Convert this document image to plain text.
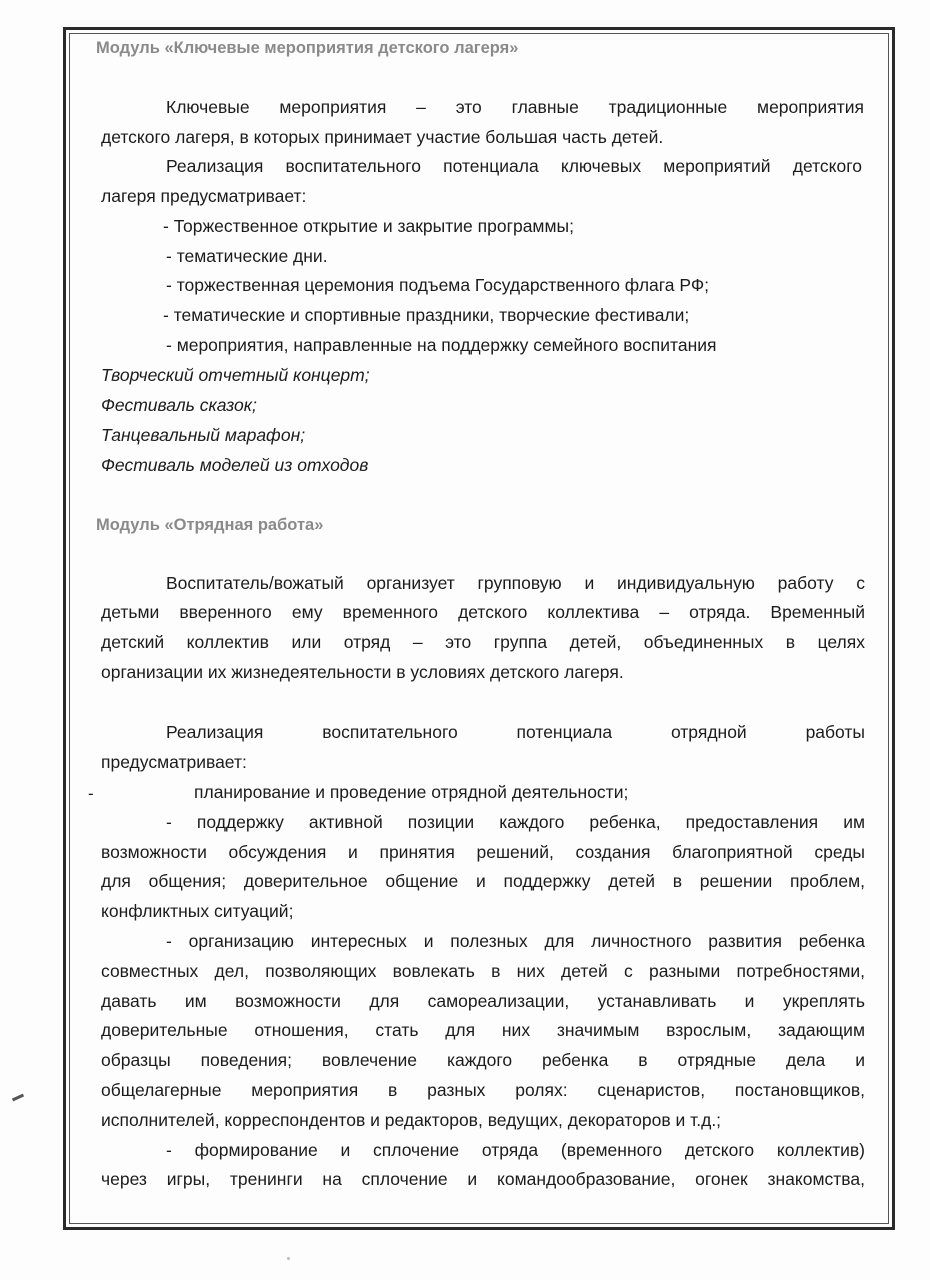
Модуль «Ключевые мероприятия детского лагеря»
Ключевые мероприятия – это главные традиционные мероприятия
детского лагеря, в которых принимает участие большая часть детей.
Реализация воспитательного потенциала ключевых мероприятий детского
лагеря предусматривает:
- Торжественное открытие и закрытие программы;
- тематические дни.
- торжественная церемония подъема Государственного флага РФ;
- тематические и спортивные праздники, творческие фестивали;
- мероприятия, направленные на поддержку семейного воспитания
Творческий отчетный концерт;
Фестиваль сказок;
Танцевальный марафон;
Фестиваль моделей из отходов
Модуль «Отрядная работа»
Воспитатель/вожатый организует групповую и индивидуальную работу с
детьми вверенного ему временного детского коллектива – отряда. Временный
детский коллектив или отряд – это группа детей, объединенных в целях
организации их жизнедеятельности в условиях детского лагеря.
Реализация воспитательного потенциала отрядной работы
предусматривает:
-	планирование и проведение отрядной деятельности;
- поддержку активной позиции каждого ребенка, предоставления им
возможности обсуждения и принятия решений, создания благоприятной среды
для общения; доверительное общение и поддержку детей в решении проблем,
конфликтных ситуаций;
- организацию интересных и полезных для личностного развития ребенка
совместных дел, позволяющих вовлекать в них детей с разными потребностями,
давать им возможности для самореализации, устанавливать и укреплять
доверительные отношения, стать для них значимым взрослым, задающим
образцы поведения; вовлечение каждого ребенка в отрядные дела и
общелагерные мероприятия в разных ролях: сценаристов, постановщиков,
исполнителей, корреспондентов и редакторов, ведущих, декораторов и т.д.;
- формирование и сплочение отряда (временного детского коллектив)
через игры, тренинги на сплочение и командообразование, огонек знакомства,
